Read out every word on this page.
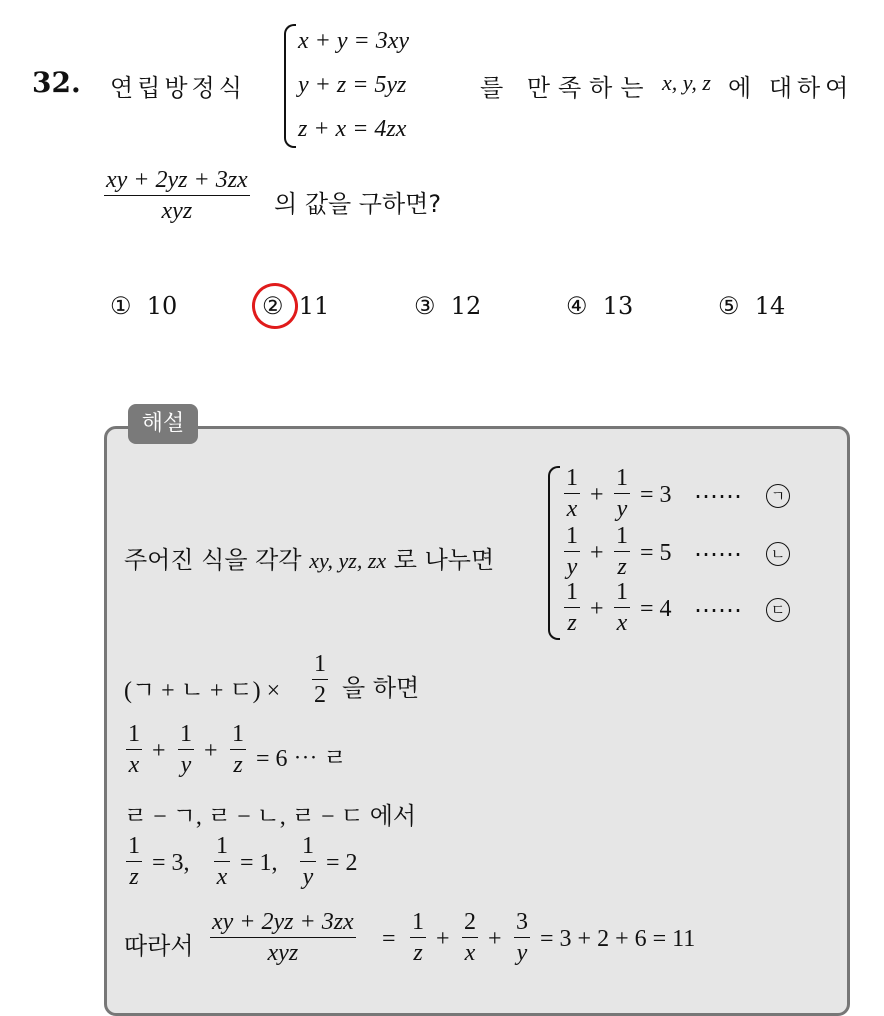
32. 연립방정식
x + y = 3xy
y + z = 5yz
z + x = 4zx
를 만족하는 x, y, z 에 대하여
xy + 2yz + 3zx
xyz	의 값을 구하면?
① 10	② 11	③ 12	④ 13	⑤ 14
해설
주어진 식을 각각 xy, yz, zx 로 나누면
1
x
+
1
y
= 3 ⋯⋯	ㄱ
1
y
+
1
z
= 5 ⋯⋯	ㄴ
1
z
+
1
x
= 4 ⋯⋯	ㄷ
(ㄱ + ㄴ + ㄷ) ×
1
2 을 하면
1
x
+
1
y
+
1
z = 6 ⋯ ㄹ
ㄹ − ㄱ, ㄹ − ㄴ, ㄹ − ㄷ 에서
1
z
= 3,
1
x
= 1,
1
y
= 2
따라서
xy + 2yz + 3zx
xyz
=
1
z
+
2
x
+
3
y
= 3 + 2 + 6 = 11
